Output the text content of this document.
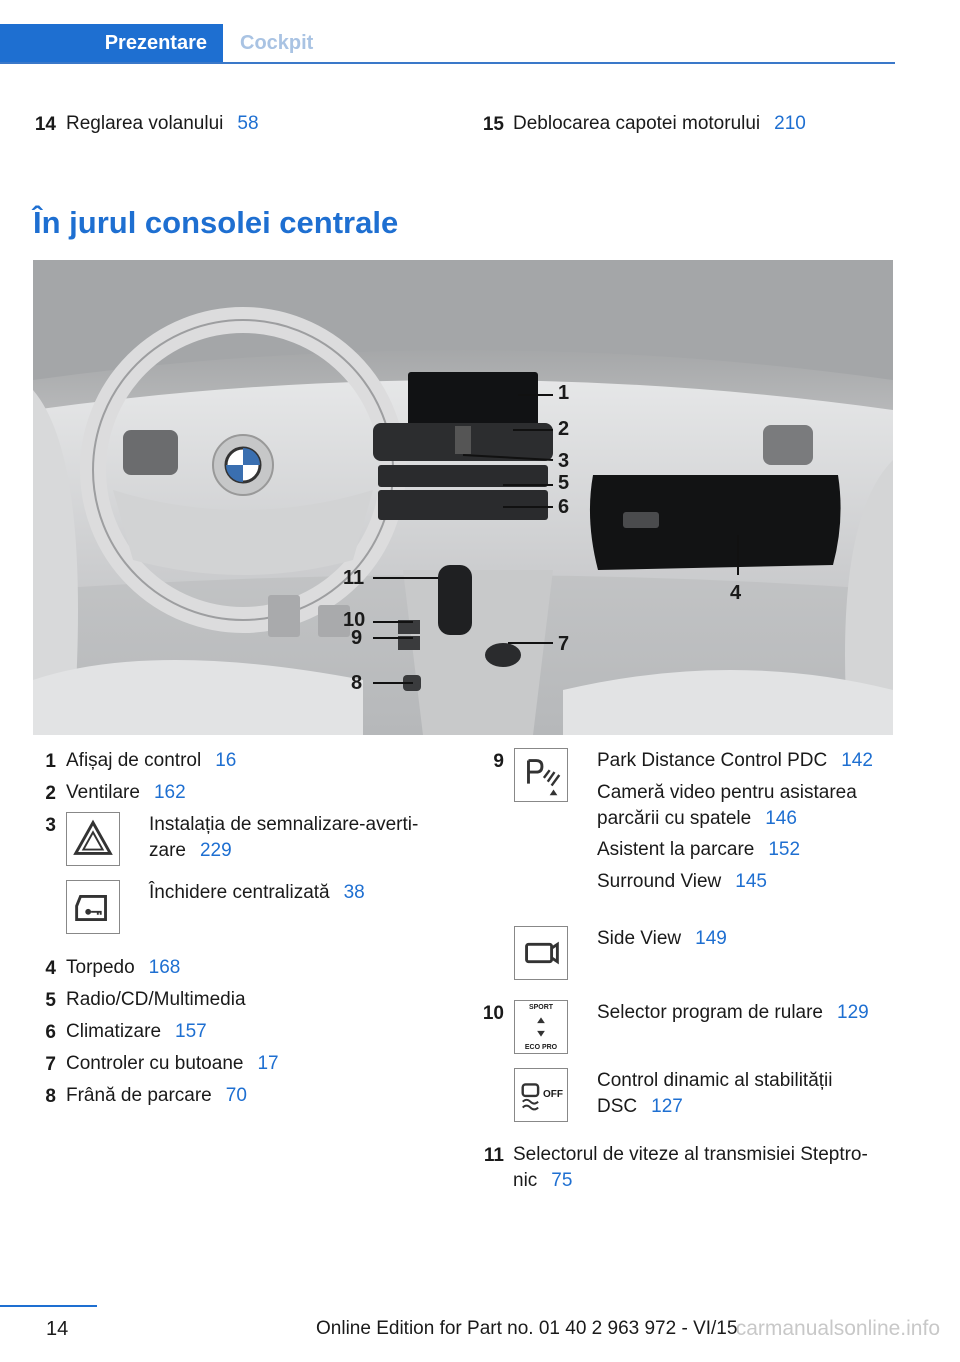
Prezentare	Cockpit
14 Reglarea volanului 58	15 Deblocarea capotei motorului 210
În jurul consolei centrale
1
2
3
5
6
4
11
10
9	7
8
1 Afișaj de control 16
2 Ventilare 162
3	Instalația de semnalizare-averti-
zare 229
Închidere centralizată 38
4 Torpedo 168
5 Radio/CD/Multimedia
6 Climatizare 157
7 Controler cu butoane 17
8 Frână de parcare 70
9	Park Distance Control PDC 142
Cameră video pentru asistarea
parcării cu spatele 146
Asistent la parcare 152
Surround View 145
Side View 149
10	SPORT
ECO PRO
Selector program de rulare 129
OFF
Control dinamic al stabilității
DSC 127
11 Selectorul de viteze al transmisiei Steptro-
nic 75
14	Online Edition for Part no. 01 40 2 963 972 - VI/15
carmanualsonline.info
